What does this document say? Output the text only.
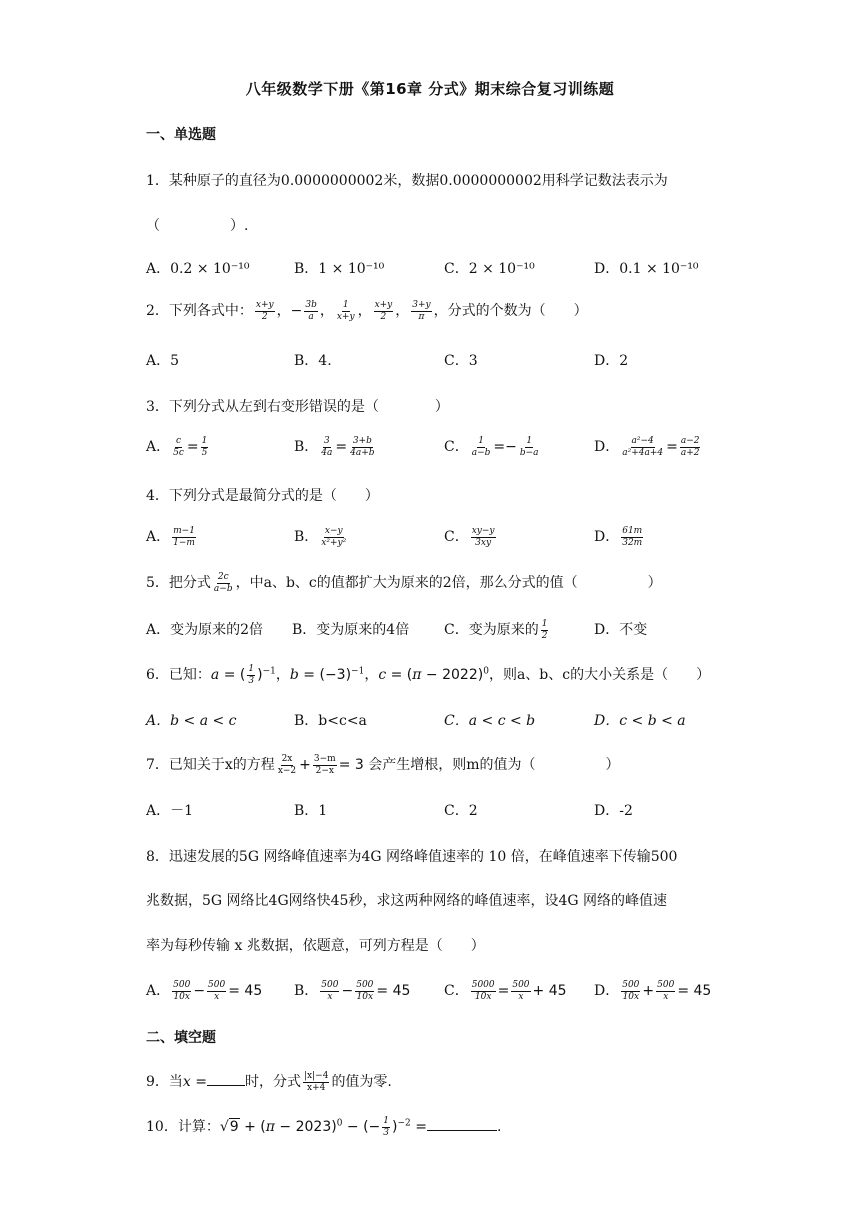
八年级数学下册《第16章 分式》期末综合复习训练题
一、单选题
1．某种原子的直径为0.0000000002米，数据0.0000000002用科学记数法表示为
（　　　　　）.
A．0.2 × 10⁻¹⁰	B．1 × 10⁻¹⁰	C．2 × 10⁻¹⁰	D．0.1 × 10⁻¹⁰
2．下列各式中： $\frac{x+y}{2}$ ，− $\frac{3b}{a}$ ， $\frac{1}{x+y}$ ， $\frac{x+y}{2}$ ， $\frac{3+y}{\pi}$ ，分式的个数为（　　）
A．5	B．4.	C．3	D．2
3．下列分式从左到右变形错误的是（　　　　）
A． $\frac{c}{5c} = \frac{1}{5}$	B． $\frac{3}{4a} = \frac{3+b}{4a+b}$	C． $\frac{1}{a-b} =- \frac{1}{b-a}$	D． $\frac{\text{a²−4}}{\text{a²+4a+4}} = \frac{a-2}{a+2}$
4．下列分式是最简分式的是（　　）
A． $\frac{m-1}{1-m}$	B． $\frac{x-y}{\text{x²+y²}}$	C． $\frac{xy-y}{3xy}$	D． $\frac{61m}{32m}$
5．把分式 $\frac{2c}{a-b}$ ，中a、b、c的值都扩大为原来的2倍，那么分式的值（　　　　　）
A．变为原来的2倍 B．变为原来的4倍 C．变为原来的 $\frac{1}{2}$	D．不变
6．已知：a = ( $\frac{1}{3} )^{-1}$，$b = (-3)^{-1}$，$c = (\pi - 2022)^0$，则a、b、c的大小关系是（　　）
A．b < a < c	B．b<c<a	C．a < c < b	D．c < b < a
7．已知关于x的方程 $\frac{2x}{x-2} + \frac{3-m}{2-x} = 3$ 会产生增根，则m的值为（　　　　　）
A．－1	B．1	C．2	D．-2
8．迅速发展的5G 网络峰值速率为4G 网络峰值速率的 10 倍，在峰值速率下传输500
兆数据，5G 网络比4G网络快45秒，求这两种网络的峰值速率，设4G 网络的峰值速
率为每秒传输 x 兆数据，依题意，可列方程是（　　）
A． $\frac{500}{10x} - \frac{500}{x} = 45$ B． $\frac{500}{x} - \frac{500}{10x} = 45$ C． $\frac{5000}{10x} = \frac{500}{x} + 45$ D． $\frac{500}{10x} + \frac{500}{x} = 45$
二、填空题
9．当x =	时，分式 $\frac{|x|-4}{x+4}$ 的值为零.
10．计算：$√9 + (\pi - 2023)^0$ − (− $\frac{1}{3} )^{-2}$ =	.
